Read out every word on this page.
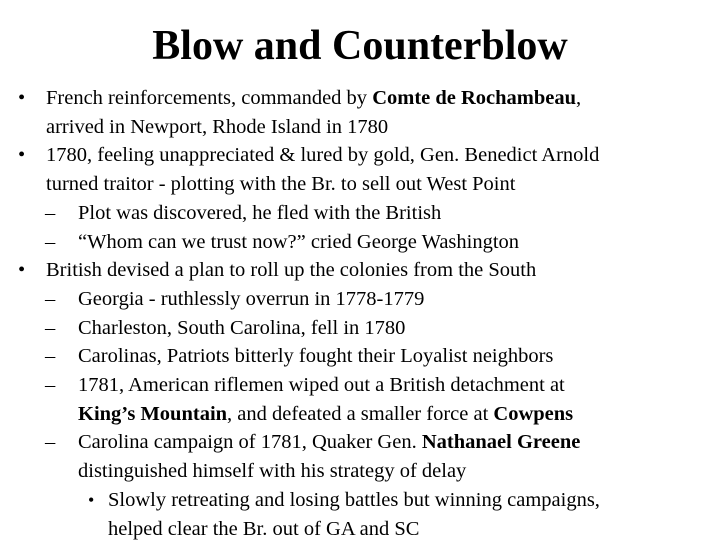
Blow and Counterblow
• French reinforcements, commanded by Comte de Rochambeau,
arrived in Newport, Rhode Island in 1780
• 1780, feeling unappreciated & lured by gold, Gen. Benedict Arnold
turned traitor - plotting with the Br. to sell out West Point
– Plot was discovered, he fled with the British
– “Whom can we trust now?” cried George Washington
• British devised a plan to roll up the colonies from the South
– Georgia - ruthlessly overrun in 1778-1779
– Charleston, South Carolina, fell in 1780
– Carolinas, Patriots bitterly fought their Loyalist neighbors
– 1781, American riflemen wiped out a British detachment at
King’s Mountain, and defeated a smaller force at Cowpens
– Carolina campaign of 1781, Quaker Gen. Nathanael Greene
distinguished himself with his strategy of delay
• Slowly retreating and losing battles but winning campaigns,
helped clear the Br. out of GA and SC
